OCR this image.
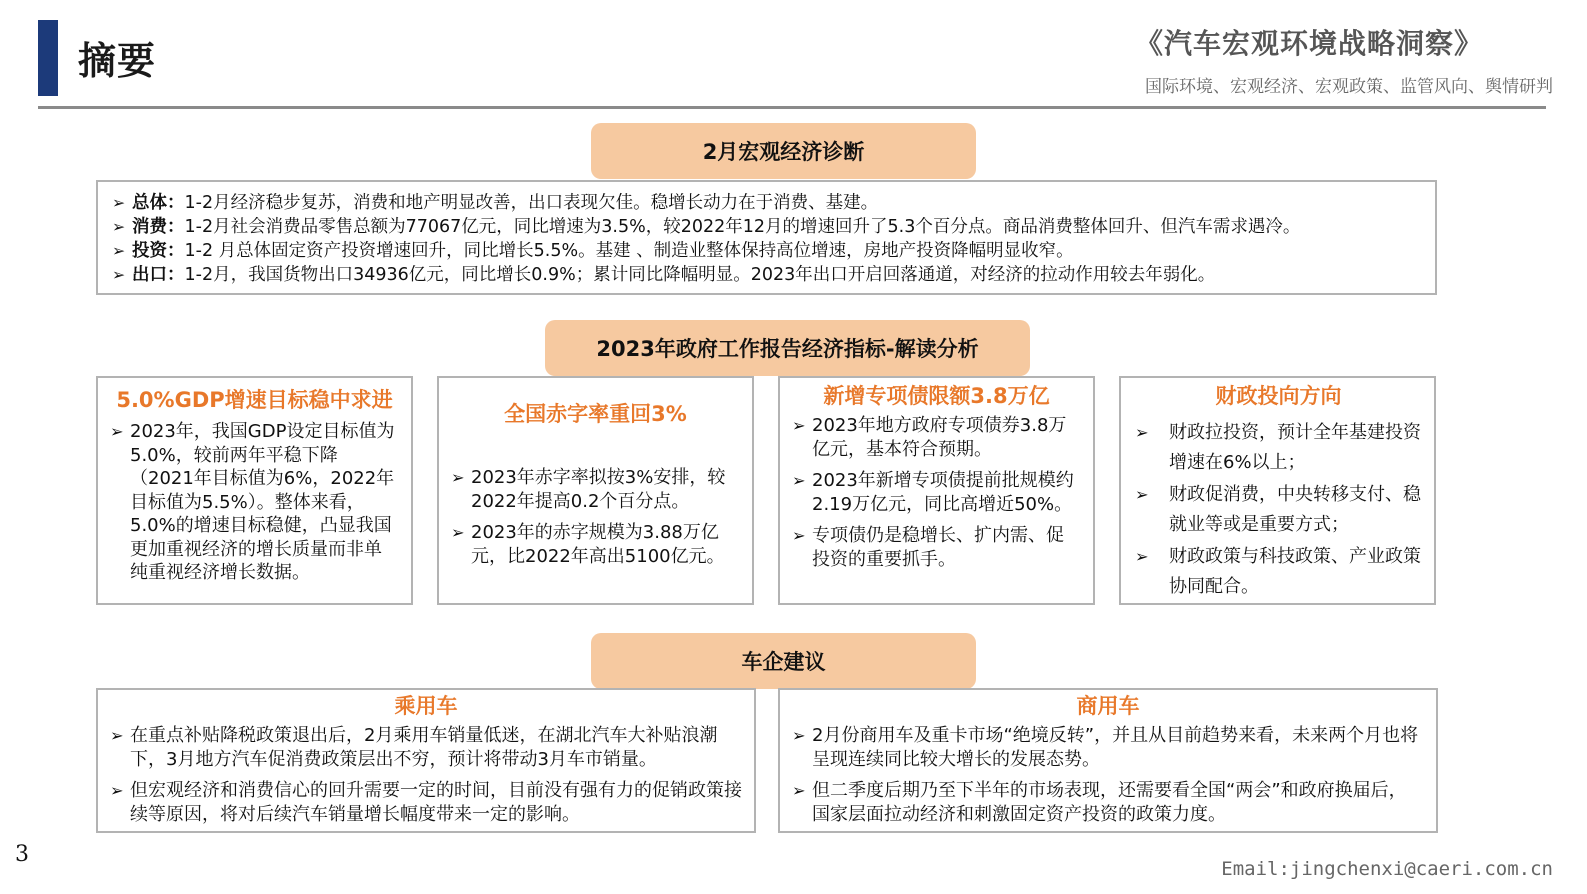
摘要	《汽车宏观环境战略洞察》
国际环境、宏观经济、宏观政策、监管风向、舆情研判
2月宏观经济诊断
➢ 总体：1-2月经济稳步复苏，消费和地产明显改善，出口表现欠佳。稳增长动力在于消费、基建。
➢ 消费：1-2月社会消费品零售总额为77067亿元，同比增速为3.5%，较2022年12月的增速回升了5.3个百分点。商品消费整体回升、但汽车需求遇冷。
➢ 投资：1-2 月总体固定资产投资增速回升，同比增长5.5%。基建 、制造业整体保持高位增速，房地产投资降幅明显收窄。
➢ 出口：1-2月，我国货物出口34936亿元，同比增长0.9%；累计同比降幅明显。2023年出口开启回落通道，对经济的拉动作用较去年弱化。
2023年政府工作报告经济指标-解读分析
5.0%GDP增速目标稳中求进
➢ 2023年，我国GDP设定目标值为5.0%，较前两年平稳下降（2021年目标值为6%，2022年目标值为5.5%）。整体来看，5.0%的增速目标稳健，凸显我国更加重视经济的增长质量而非单纯重视经济增长数据。
全国赤字率重回3%
➢ 2023年赤字率拟按3%安排，较2022年提高0.2个百分点。
➢ 2023年的赤字规模为3.88万亿元，比2022年高出5100亿元。
新增专项债限额3.8万亿
➢ 2023年地方政府专项债券3.8万亿元，基本符合预期。
➢ 2023年新增专项债提前批规模约2.19万亿元，同比高增近50%。
➢ 专项债仍是稳增长、扩内需、促投资的重要抓手。
财政投向方向
➢ 财政拉投资，预计全年基建投资增速在6%以上；
➢ 财政促消费，中央转移支付、稳就业等或是重要方式；
➢ 财政政策与科技政策、产业政策协同配合。
车企建议
乘用车
➢ 在重点补贴降税政策退出后，2月乘用车销量低迷，在湖北汽车大补贴浪潮下，3月地方汽车促消费政策层出不穷，预计将带动3月车市销量。
➢ 但宏观经济和消费信心的回升需要一定的时间，目前没有强有力的促销政策接续等原因，将对后续汽车销量增长幅度带来一定的影响。
商用车
➢ 2月份商用车及重卡市场“绝境反转”，并且从目前趋势来看，未来两个月也将呈现连续同比较大增长的发展态势。
➢ 但二季度后期乃至下半年的市场表现，还需要看全国“两会”和政府换届后，国家层面拉动经济和刺激固定资产投资的政策力度。
3
Email:jingchenxi@caeri.com.cn
